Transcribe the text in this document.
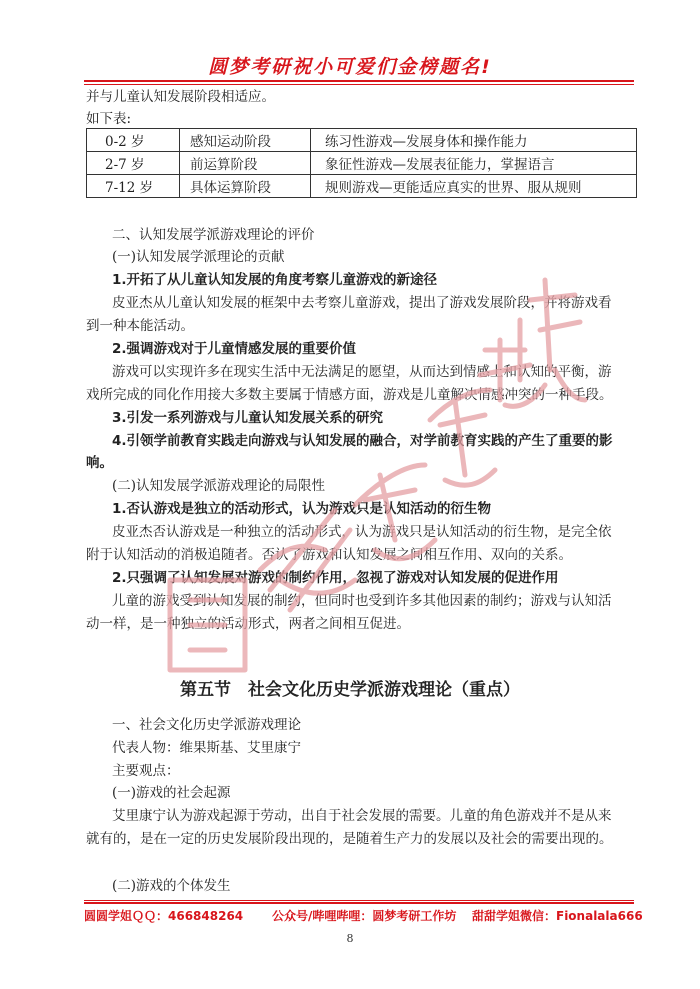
圆梦考研祝小可爱们金榜题名!
并与儿童认知发展阶段相适应。
如下表:
0-2 岁	感知运动阶段	练习性游戏—发展身体和操作能力
2-7 岁	前运算阶段	象征性游戏—发展表征能力，掌握语言
7-12 岁	具体运算阶段	规则游戏—更能适应真实的世界、服从规则
二、认知发展学派游戏理论的评价
(一)认知发展学派理论的贡献
1.开拓了从儿童认知发展的角度考察儿童游戏的新途径
皮亚杰从儿童认知发展的框架中去考察儿童游戏，提出了游戏发展阶段，并将游戏看
到一种本能活动。
2.强调游戏对于儿童情感发展的重要价值
游戏可以实现许多在现实生活中无法满足的愿望，从而达到情感上和认知的平衡，游
戏所完成的同化作用接大多数主要属于情感方面，游戏是儿童解决情感冲突的一种手段。
3.引发一系列游戏与儿童认知发展关系的研究
4.引领学前教育实践走向游戏与认知发展的融合，对学前教育实践的产生了重要的影
响。
(二)认知发展学派游戏理论的局限性
1.否认游戏是独立的活动形式，认为游戏只是认知活动的衍生物
皮亚杰否认游戏是一种独立的活动形式，认为游戏只是认知活动的衍生物，是完全依
附于认知活动的消极追随者。否认了游戏和认知发展之间相互作用、双向的关系。
2.只强调了认知发展对游戏的制约作用，忽视了游戏对认知发展的促进作用
儿童的游戏受到认知发展的制约，但同时也受到许多其他因素的制约；游戏与认知活
动一样，是一种独立的活动形式，两者之间相互促进。
第五节　社会文化历史学派游戏理论（重点）
一、社会文化历史学派游戏理论
代表人物：维果斯基、艾里康宁
主要观点：
(一)游戏的社会起源
艾里康宁认为游戏起源于劳动，出自于社会发展的需要。儿童的角色游戏并不是从来
就有的，是在一定的历史发展阶段出现的，是随着生产力的发展以及社会的需要出现的。
(二)游戏的个体发生
圆圆学姐ＱＱ：466848264 公众号/哔哩哔哩：圆梦考研工作坊 甜甜学姐微信：Fionalala666
8
